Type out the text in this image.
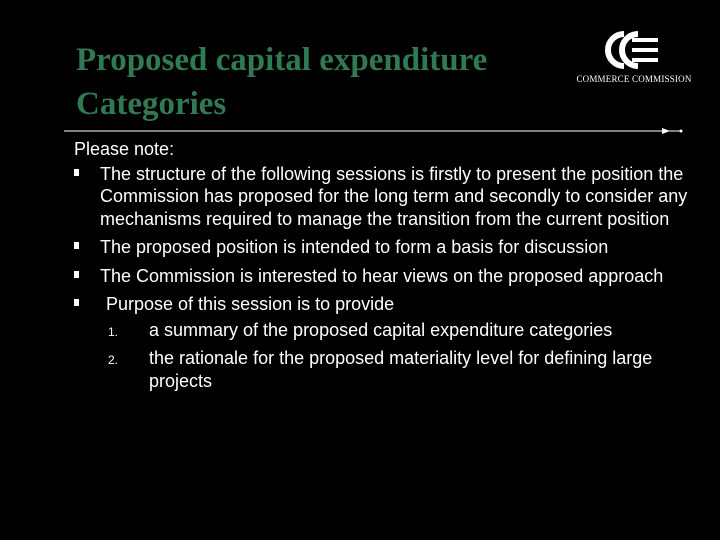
Proposed capital expenditure
Categories
COMMERCE COMMISSION
Please note:
The structure of the following sessions is firstly to present the position the Commission has proposed for the long term and secondly to consider any mechanisms required to manage the transition from the current position
The proposed position is intended to form a basis for discussion
The Commission is interested to hear views on the proposed approach
Purpose of this session is to provide
1. a summary of the proposed capital expenditure categories
2. the rationale for the proposed materiality level for defining large projects
